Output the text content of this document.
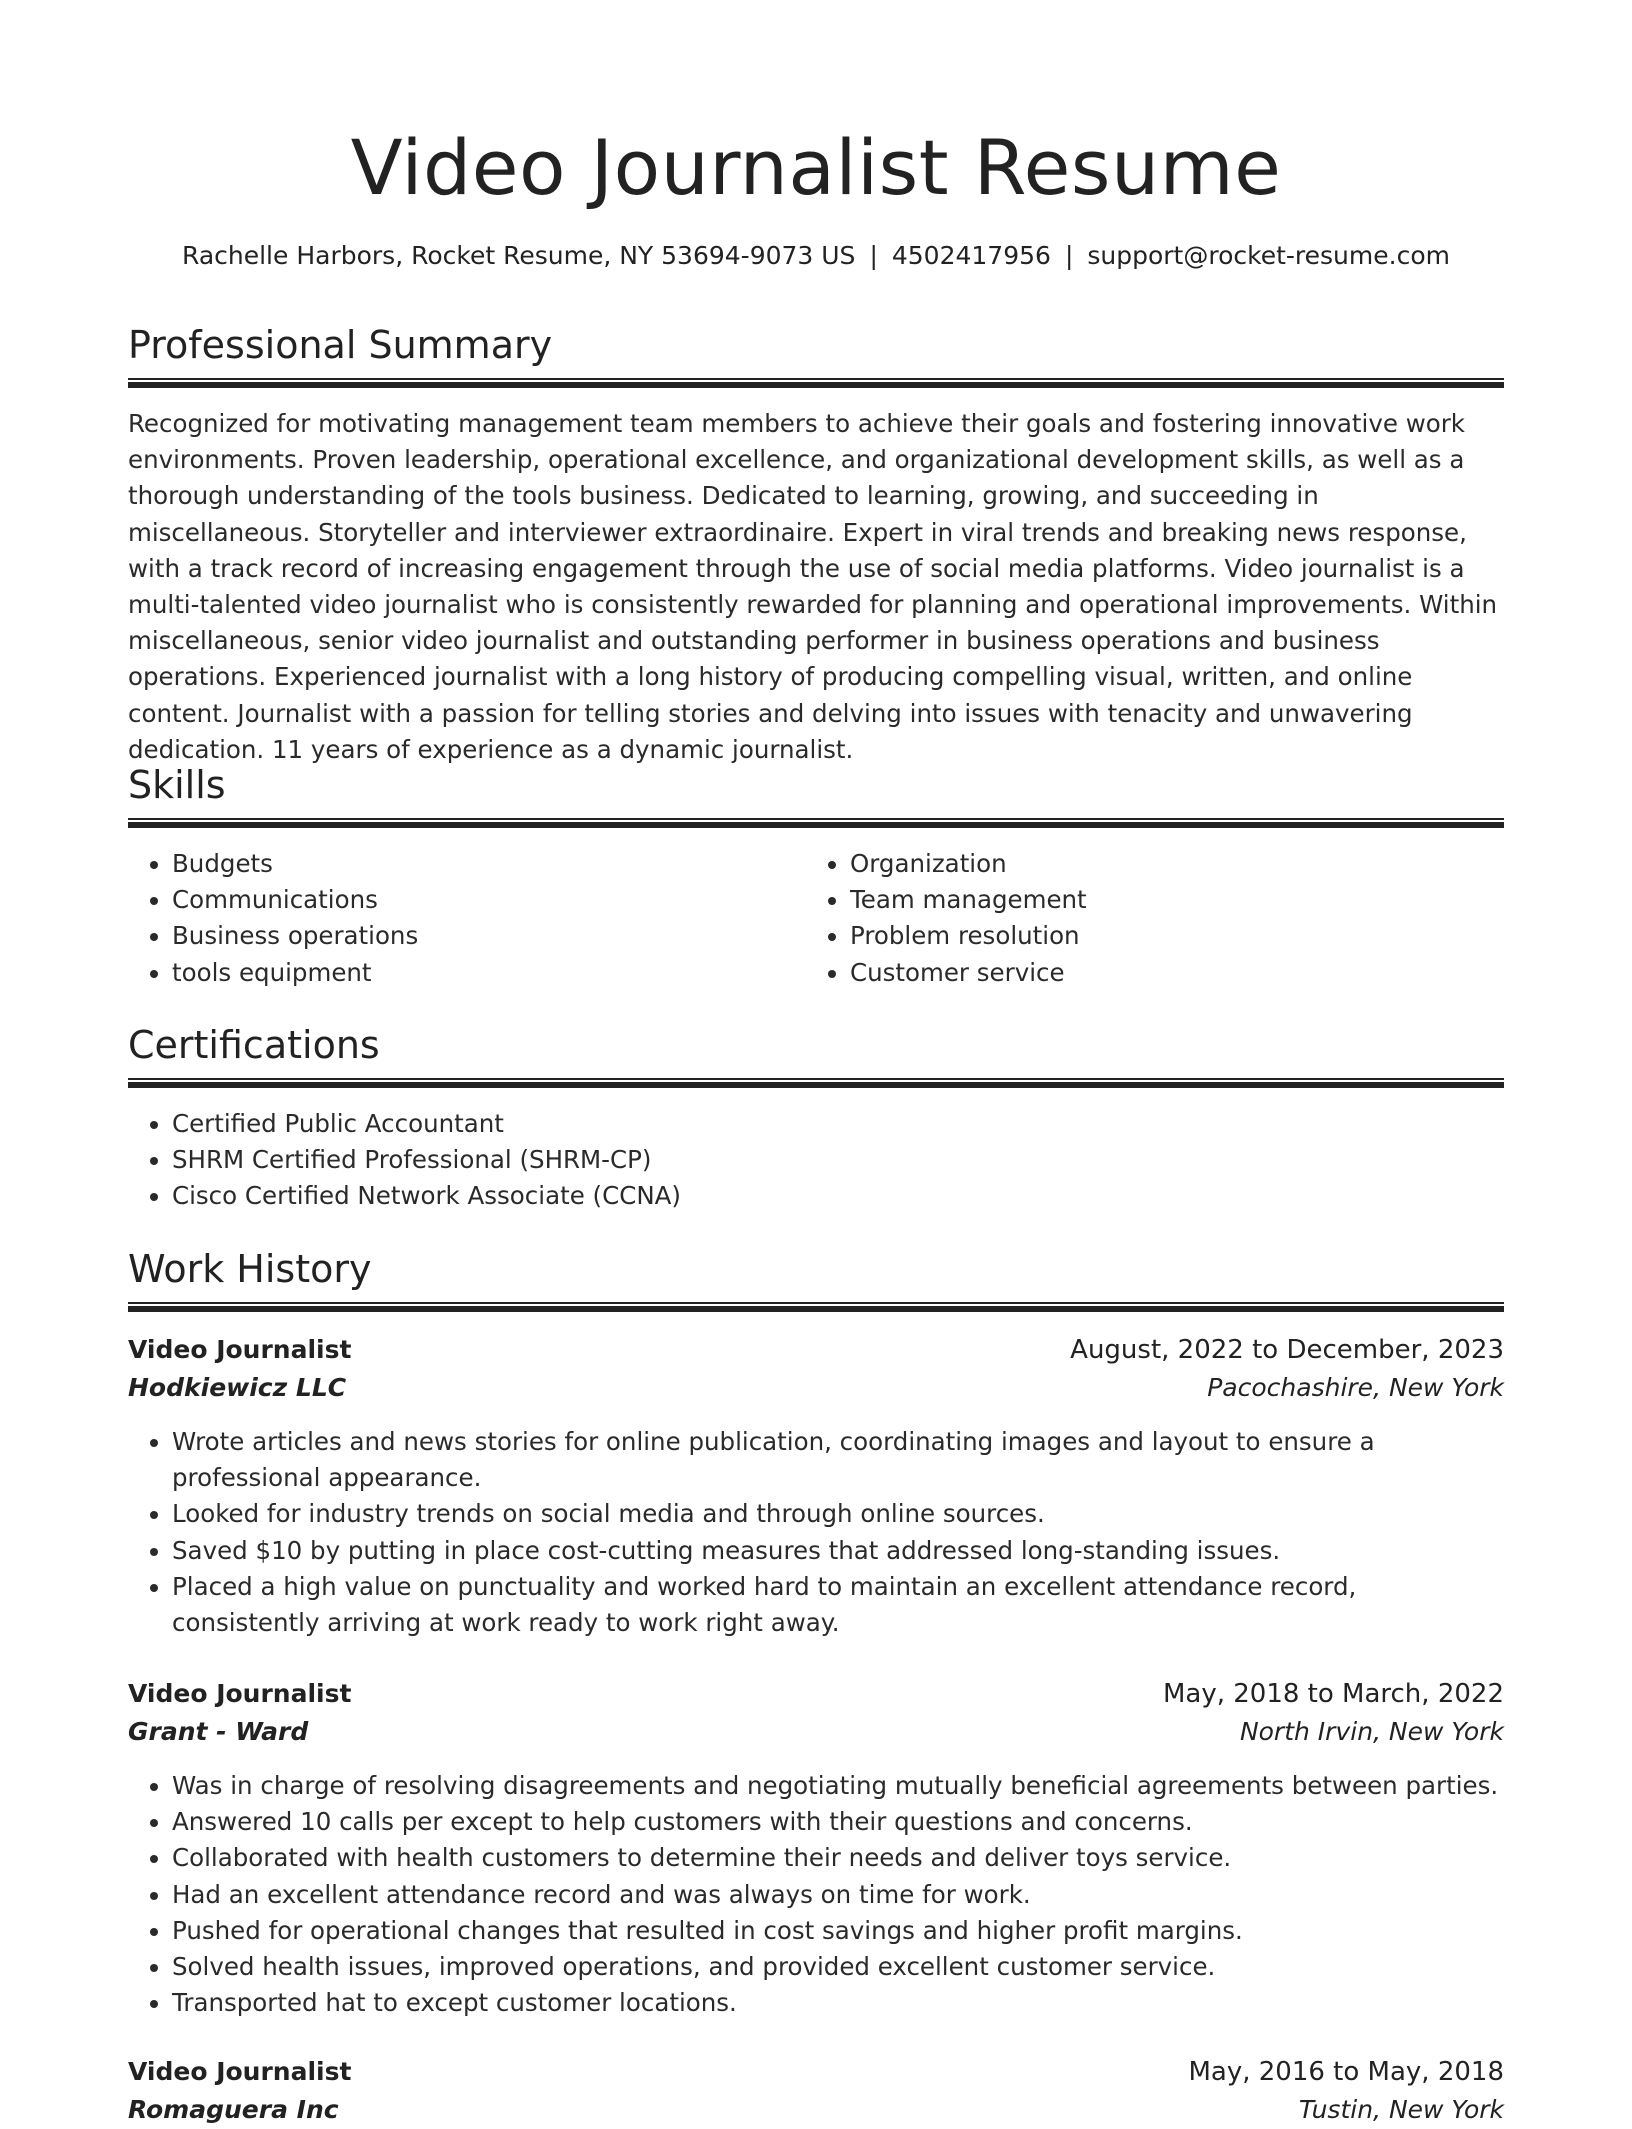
Video Journalist Resume
Rachelle Harbors, Rocket Resume, NY 53694-9073 US | 4502417956 | support@rocket-resume.com
Professional Summary

Recognized for motivating management team members to achieve their goals and fostering innovative work environments. Proven leadership, operational excellence, and organizational development skills, as well as a thorough understanding of the tools business. Dedicated to learning, growing, and succeeding in miscellaneous. Storyteller and interviewer extraordinaire. Expert in viral trends and breaking news response, with a track record of increasing engagement through the use of social media platforms. Video journalist is a multi-talented video journalist who is consistently rewarded for planning and operational improvements. Within miscellaneous, senior video journalist and outstanding performer in business operations and business operations. Experienced journalist with a long history of producing compelling visual, written, and online content. Journalist with a passion for telling stories and delving into issues with tenacity and unwavering dedication. 11 years of experience as a dynamic journalist.

Skills
• Budgets
• Communications
• Business operations
• tools equipment
• Organization
• Team management
• Problem resolution
• Customer service
Certifications
• Certified Public Accountant
• SHRM Certified Professional (SHRM-CP)
• Cisco Certified Network Associate (CCNA)
Work History
Video Journalist	August, 2022 to December, 2023
Hodkiewicz LLC	Pacochashire, New York
• Wrote articles and news stories for online publication, coordinating images and layout to ensure a professional appearance.
• Looked for industry trends on social media and through online sources.
• Saved $10 by putting in place cost-cutting measures that addressed long-standing issues.
• Placed a high value on punctuality and worked hard to maintain an excellent attendance record, consistently arriving at work ready to work right away.
Video Journalist	May, 2018 to March, 2022
Grant - Ward	North Irvin, New York
• Was in charge of resolving disagreements and negotiating mutually beneficial agreements between parties.
• Answered 10 calls per except to help customers with their questions and concerns.
• Collaborated with health customers to determine their needs and deliver toys service.
• Had an excellent attendance record and was always on time for work.
• Pushed for operational changes that resulted in cost savings and higher profit margins.
• Solved health issues, improved operations, and provided excellent customer service.
• Transported hat to except customer locations.
Video Journalist	May, 2016 to May, 2018
Romaguera Inc	Tustin, New York
